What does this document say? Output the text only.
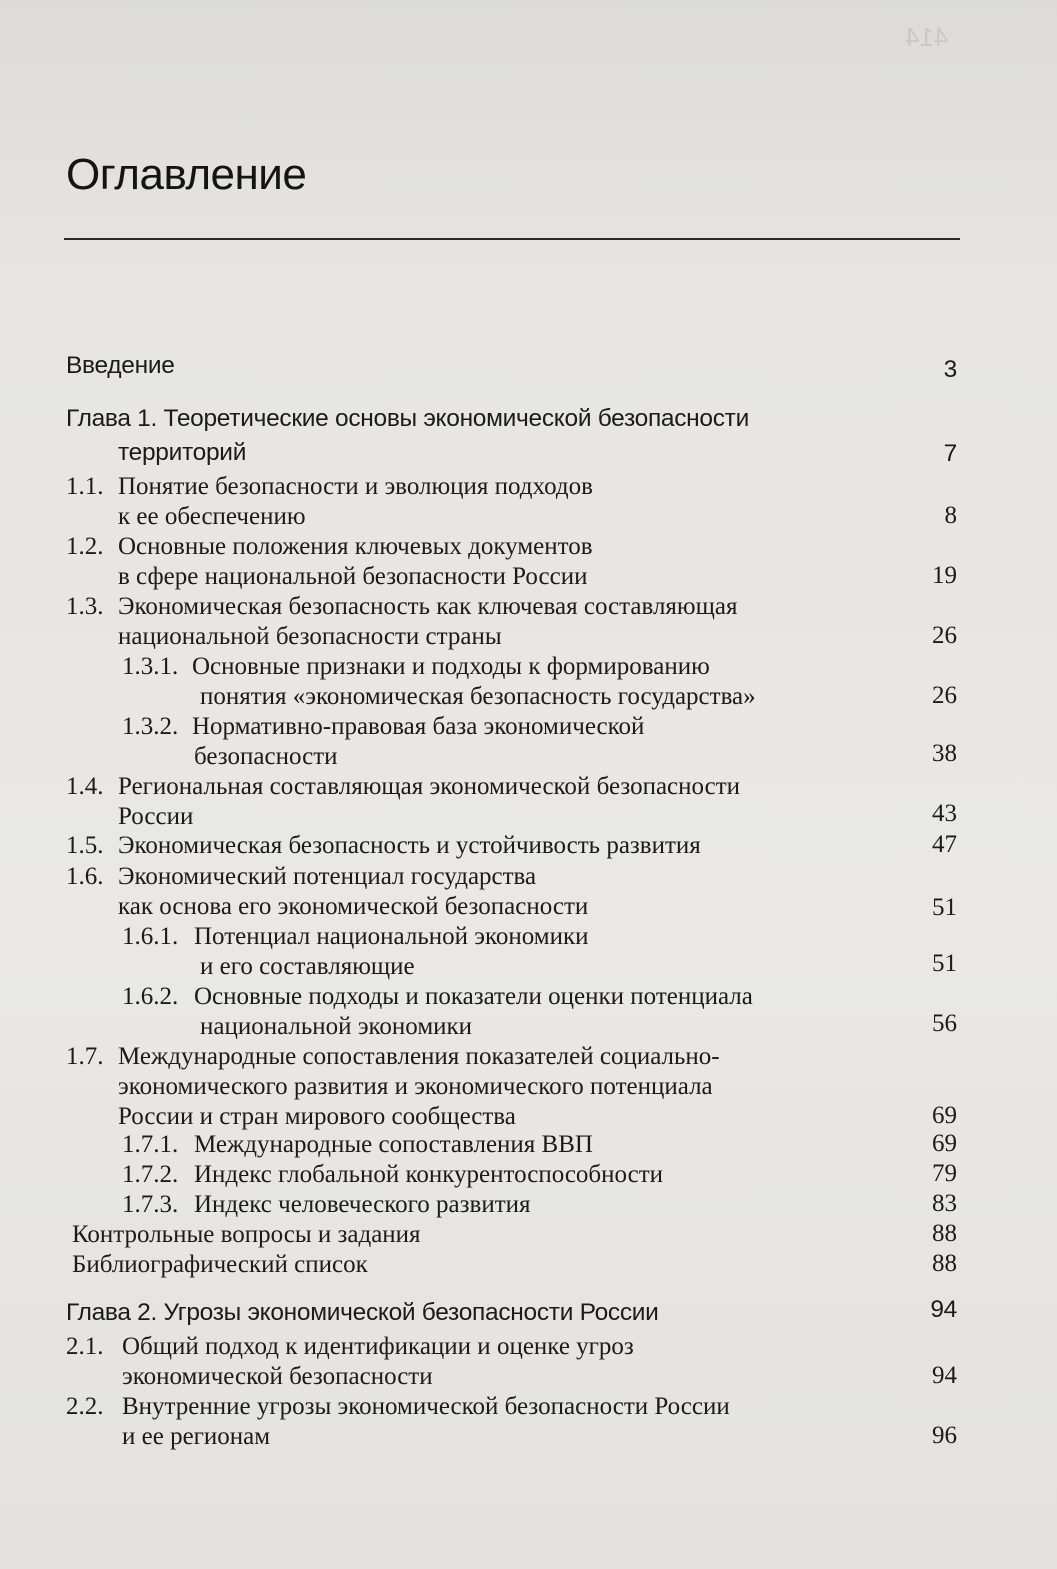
414
Оглавление
Введение	3
Глава 1. Теоретические основы экономической безопасности
территорий	7
1.1. Понятие безопасности и эволюция подходов
к ее обеспечению	8
1.2. Основные положения ключевых документов
в сфере национальной безопасности России	19
1.3. Экономическая безопасность как ключевая составляющая
национальной безопасности страны	26
1.3.1. Основные признаки и подходы к формированию
понятия «экономическая безопасность государства»	26
1.3.2. Нормативно-правовая база экономической
безопасности	38
1.4. Региональная составляющая экономической безопасности
России	43
1.5. Экономическая безопасность и устойчивость развития	47
1.6. Экономический потенциал государства
как основа его экономической безопасности	51
1.6.1. Потенциал национальной экономики
и его составляющие	51
1.6.2. Основные подходы и показатели оценки потенциала
национальной экономики	56
1.7. Международные сопоставления показателей социально-
экономического развития и экономического потенциала
России и стран мирового сообщества	69
1.7.1. Международные сопоставления ВВП	69
1.7.2. Индекс глобальной конкурентоспособности	79
1.7.3. Индекс человеческого развития	83
Контрольные вопросы и задания	88
Библиографический список	88
Глава 2. Угрозы экономической безопасности России	94
2.1. Общий подход к идентификации и оценке угроз
экономической безопасности	94
2.2. Внутренние угрозы экономической безопасности России
и ее регионам	96
